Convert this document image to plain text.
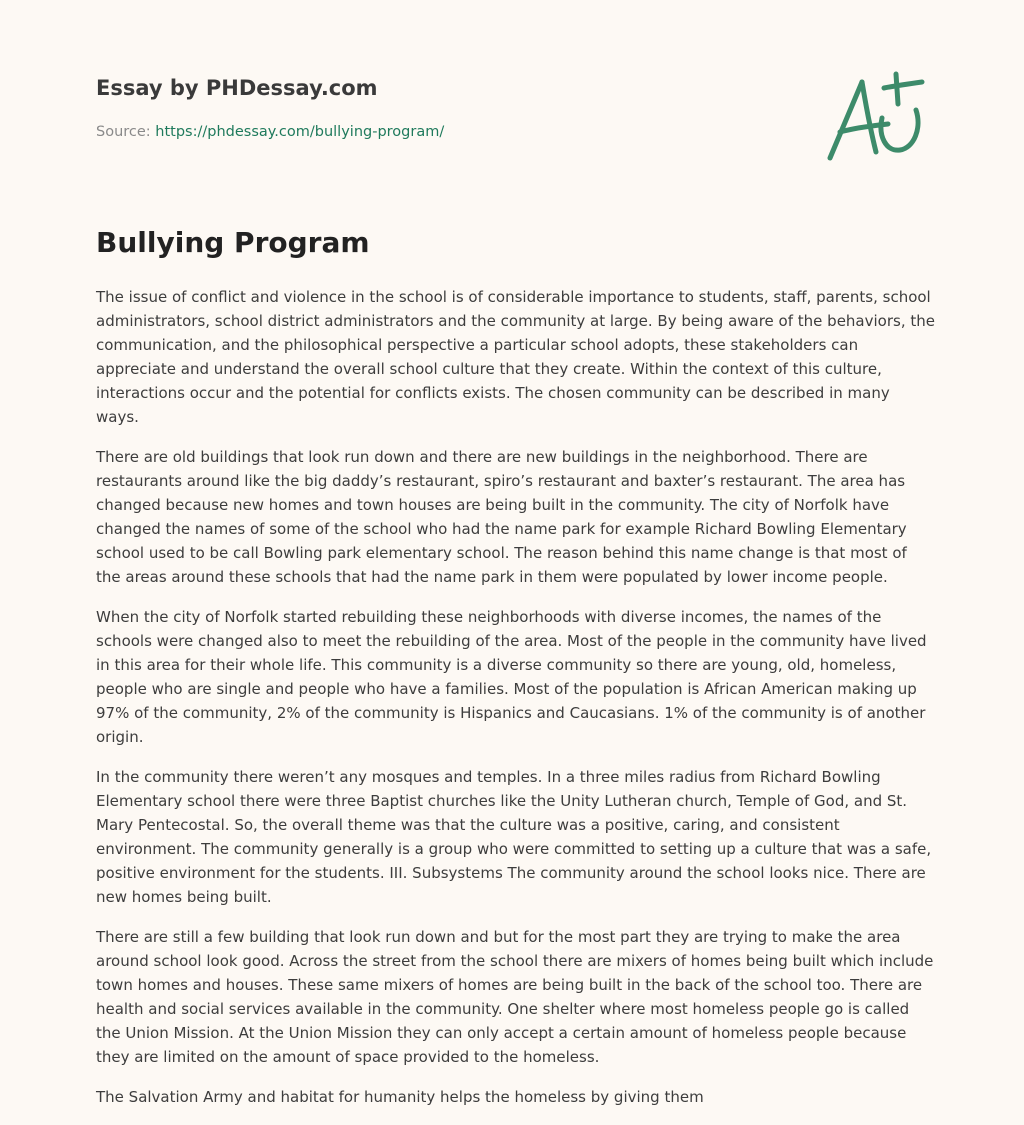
Essay by PHDessay.com
Source: https://phdessay.com/bullying-program/
Bullying Program

The issue of conflict and violence in the school is of considerable importance to students, staff, parents, school administrators, school district administrators and the community at large. By being aware of the behaviors, the communication, and the philosophical perspective a particular school adopts, these stakeholders can appreciate and understand the overall school culture that they create. Within the context of this culture, interactions occur and the potential for conflicts exists. The chosen community can be described in many ways.

There are old buildings that look run down and there are new buildings in the neighborhood. There are restaurants around like the big daddy’s restaurant, spiro’s restaurant and baxter’s restaurant. The area has changed because new homes and town houses are being built in the community. The city of Norfolk have changed the names of some of the school who had the name park for example Richard Bowling Elementary school used to be call Bowling park elementary school. The reason behind this name change is that most of the areas around these schools that had the name park in them were populated by lower income people.

When the city of Norfolk started rebuilding these neighborhoods with diverse incomes, the names of the schools were changed also to meet the rebuilding of the area. Most of the people in the community have lived in this area for their whole life. This community is a diverse community so there are young, old, homeless, people who are single and people who have a families. Most of the population is African American making up 97% of the community, 2% of the community is Hispanics and Caucasians. 1% of the community is of another origin.

In the community there weren’t any mosques and temples. In a three miles radius from Richard Bowling Elementary school there were three Baptist churches like the Unity Lutheran church, Temple of God, and St. Mary Pentecostal. So, the overall theme was that the culture was a positive, caring, and consistent environment. The community generally is a group who were committed to setting up a culture that was a safe, positive environment for the students. III. Subsystems The community around the school looks nice. There are new homes being built.

There are still a few building that look run down and but for the most part they are trying to make the area around school look good. Across the street from the school there are mixers of homes being built which include town homes and houses. These same mixers of homes are being built in the back of the school too. There are health and social services available in the community. One shelter where most homeless people go is called the Union Mission. At the Union Mission they can only accept a certain amount of homeless people because they are limited on the amount of space provided to the homeless.

The Salvation Army and habitat for humanity helps the homeless by giving them
